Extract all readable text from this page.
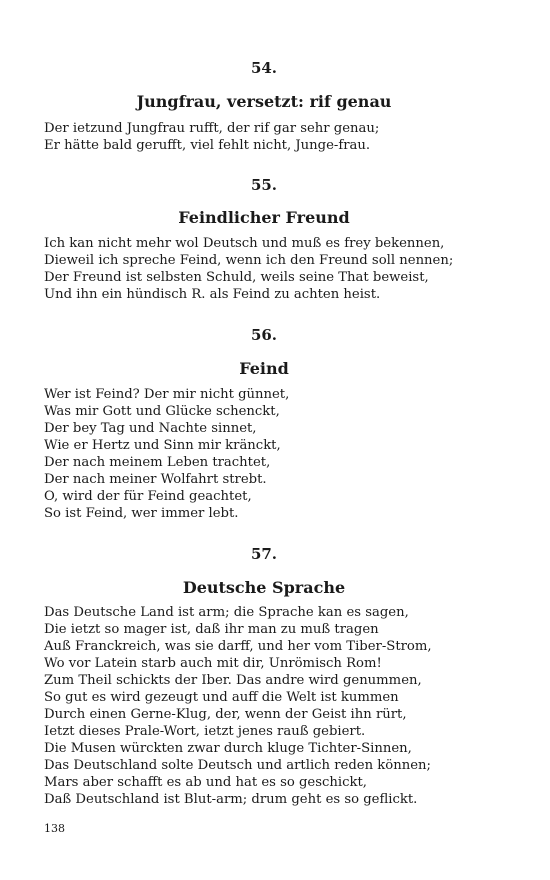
54.

Jungfrau, versetzt: rif genau

Der ietzund Jungfrau rufft, der rif gar sehr genau;
Er hätte bald gerufft, viel fehlt nicht, Junge-frau.

55.

Feindlicher Freund

Ich kan nicht mehr wol Deutsch und muß es frey bekennen,
Dieweil ich spreche Feind, wenn ich den Freund soll nennen;
Der Freund ist selbsten Schuld, weils seine That beweist,
Und ihn ein hündisch R. als Feind zu achten heist.

56.

Feind

Wer ist Feind? Der mir nicht günnet,
Was mir Gott und Glücke schenckt,
Der bey Tag und Nachte sinnet,
Wie er Hertz und Sinn mir kränckt,
Der nach meinem Leben trachtet,
Der nach meiner Wolfahrt strebt.
O, wird der für Feind geachtet,
So ist Feind, wer immer lebt.

57.

Deutsche Sprache

Das Deutsche Land ist arm; die Sprache kan es sagen,
Die ietzt so mager ist, daß ihr man zu muß tragen
Auß Franckreich, was sie darff, und her vom Tiber-Strom,
Wo vor Latein starb auch mit dir, Unrömisch Rom!
Zum Theil schickts der Iber. Das andre wird genummen,
So gut es wird gezeugt und auff die Welt ist kummen
Durch einen Gerne-Klug, der, wenn der Geist ihn rürt,
Ietzt dieses Prale-Wort, ietzt jenes rauß gebiert.
Die Musen würckten zwar durch kluge Tichter-Sinnen,
Das Deutschland solte Deutsch und artlich reden können;
Mars aber schafft es ab und hat es so geschickt,
Daß Deutschland ist Blut-arm; drum geht es so geflickt.
138
